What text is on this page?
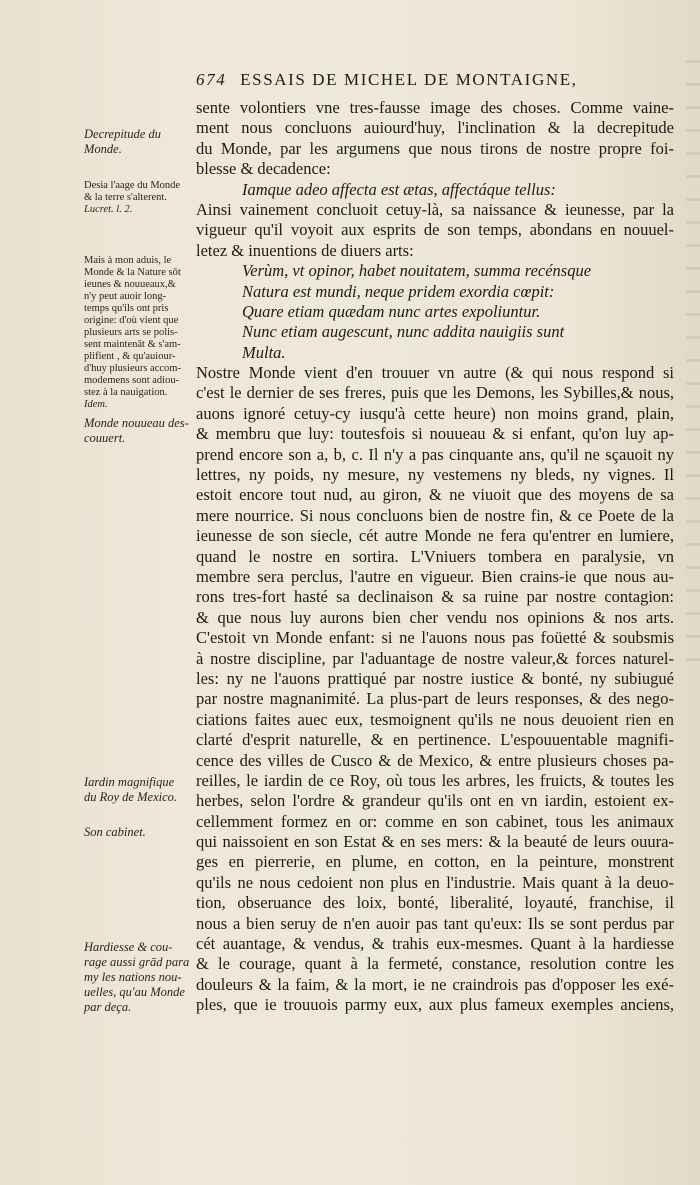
674 ESSAIS DE MICHEL DE MONTAIGNE,
Decrepitude du
Monde.
Desia l'aage du Monde
& la terre s'alterent.
Lucret. l. 2.
Mais à mon aduis, le
Monde & la Nature sōt
ieunes & nouueaux,&
n'y peut auoir long-
temps qu'ils ont pris
origine: d'où vient que
plusieurs arts se polis-
sent maintenāt & s'am-
plifient , & qu'auiour-
d'huy plusieurs accom-
modemens sont adiou-
stez à la nauigation.
Idem.
Monde nouueau des-
couuert.
Iardin magnifique
du Roy de Mexico.
Son cabinet.
Hardiesse & cou-
rage aussi grād para
my les nations nou-
uelles, qu'au Monde
par deça.
sente volontiers vne tres-fausse image des choses. Comme vaine-
ment nous concluons auiourd'huy, l'inclination & la decrepitude
du Monde, par les argumens que nous tirons de nostre propre foi-
blesse & decadence:
Iamque adeo affecta est ætas, affectáque tellus:
Ainsi vainement concluoit cetuy-là, sa naissance & ieunesse, par la
vigueur qu'il voyoit aux esprits de son temps, abondans en nouuel-
letez & inuentions de diuers arts:
Verùm, vt opinor, habet nouitatem, summa recénsque
Natura est mundi, neque pridem exordia cœpit:
Quare etiam quædam nunc artes expoliuntur.
Nunc etiam augescunt, nunc addita nauigiis sunt
Multa.
Nostre Monde vient d'en trouuer vn autre (& qui nous respond si
c'est le dernier de ses freres, puis que les Demons, les Sybilles,& nous,
auons ignoré cetuy-cy iusqu'à cette heure) non moins grand, plain,
& membru que luy: toutesfois si nouueau & si enfant, qu'on luy ap-
prend encore son a, b, c. Il n'y a pas cinquante ans, qu'il ne sçauoit ny
lettres, ny poids, ny mesure, ny vestemens ny bleds, ny vignes. Il
estoit encore tout nud, au giron, & ne viuoit que des moyens de sa
mere nourrice. Si nous concluons bien de nostre fin, & ce Poete de la
ieunesse de son siecle, cét autre Monde ne fera qu'entrer en lumiere,
quand le nostre en sortira. L'Vniuers tombera en paralysie, vn
membre sera perclus, l'autre en vigueur. Bien crains-ie que nous au-
rons tres-fort hasté sa declinaison & sa ruine par nostre contagion:
& que nous luy aurons bien cher vendu nos opinions & nos arts.
C'estoit vn Monde enfant: si ne l'auons nous pas foüetté & soubsmis
à nostre discipline, par l'aduantage de nostre valeur,& forces naturel-
les: ny ne l'auons prattiqué par nostre iustice & bonté, ny subiugué
par nostre magnanimité. La plus-part de leurs responses, & des nego-
ciations faites auec eux, tesmoignent qu'ils ne nous deuoient rien en
clarté d'esprit naturelle, & en pertinence. L'espouuentable magnifi-
cence des villes de Cusco & de Mexico, & entre plusieurs choses pa-
reilles, le iardin de ce Roy, où tous les arbres, les fruicts, & toutes les
herbes, selon l'ordre & grandeur qu'ils ont en vn iardin, estoient ex-
cellemment formez en or: comme en son cabinet, tous les animaux
qui naissoient en son Estat & en ses mers: & la beauté de leurs ouura-
ges en pierrerie, en plume, en cotton, en la peinture, monstrent
qu'ils ne nous cedoient non plus en l'industrie. Mais quant à la deuo-
tion, obseruance des loix, bonté, liberalité, loyauté, franchise, il
nous a bien seruy de n'en auoir pas tant qu'eux: Ils se sont perdus par
cét auantage, & vendus, & trahis eux-mesmes. Quant à la hardiesse
& le courage, quant à la fermeté, constance, resolution contre les
douleurs & la faim, & la mort, ie ne craindrois pas d'opposer les exé-
ples, que ie trouuois parmy eux, aux plus fameux exemples anciens,
